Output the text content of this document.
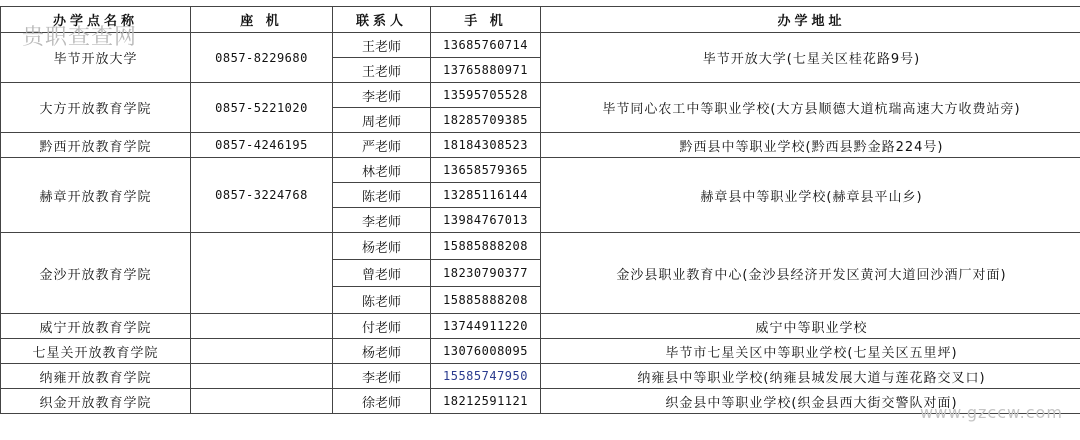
贵职查查网
www.gzccw.com
办学点名称	座 机	联系人	手 机	办学地址
毕节开放大学	0857-8229680	王老师	13685760714	毕节开放大学(七星关区桂花路9号)
		王老师	13765880971	
大方开放教育学院	0857-5221020	李老师	13595705528	毕节同心农工中等职业学校(大方县顺德大道杭瑞高速大方收费站旁)
		周老师	18285709385	
黔西开放教育学院	0857-4246195	严老师	18184308523	黔西县中等职业学校(黔西县黔金路224号)
赫章开放教育学院	0857-3224768	林老师	13658579365	赫章县中等职业学校(赫章县平山乡)
		陈老师	13285116144	
		李老师	13984767013	
金沙开放教育学院		杨老师	15885888208	金沙县职业教育中心(金沙县经济开发区黄河大道回沙酒厂对面)
		曾老师	18230790377	
		陈老师	15885888208	
威宁开放教育学院		付老师	13744911220	威宁中等职业学校
七星关开放教育学院		杨老师	13076008095	毕节市七星关区中等职业学校(七星关区五里坪)
纳雍开放教育学院		李老师	15585747950	纳雍县中等职业学校(纳雍县城发展大道与莲花路交叉口)
织金开放教育学院		徐老师	18212591121	织金县中等职业学校(织金县西大街交警队对面)
